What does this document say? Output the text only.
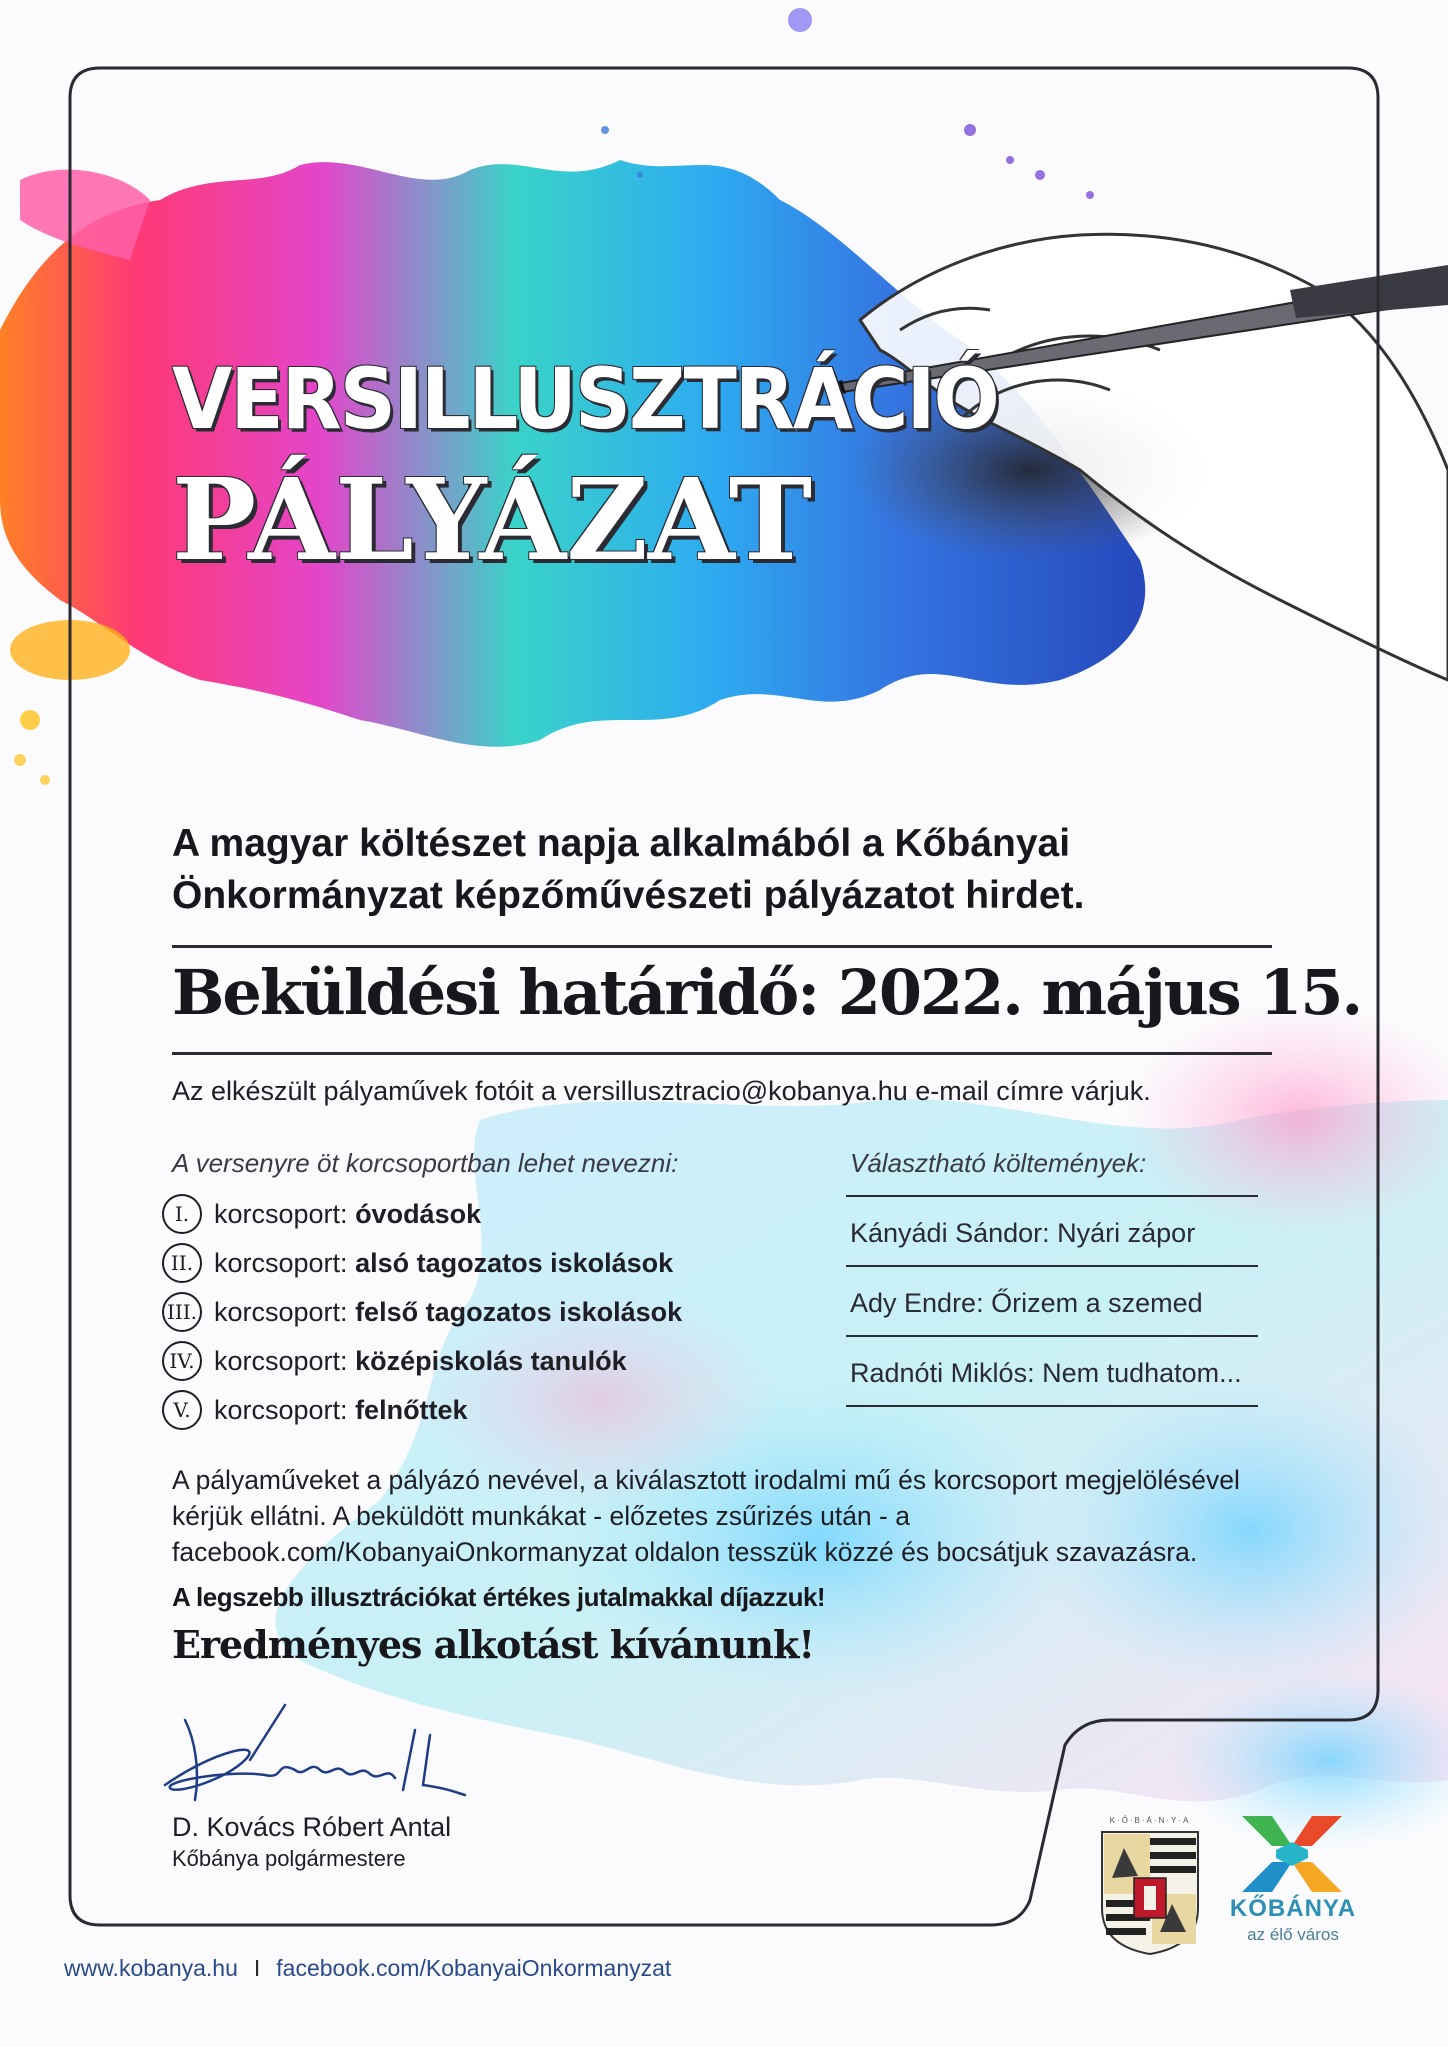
VERSILLUSZTRÁCIÓ
PÁLYÁZAT
A magyar költészet napja alkalmából a Kőbányai Önkormányzat képzőművészeti pályázatot hirdet.
Beküldési határidő: 2022. május 15.
Az elkészült pályaművek fotóit a versillusztracio@kobanya.hu e-mail címre várjuk.
A versenyre öt korcsoportban lehet nevezni:
I. korcsoport: óvodások
II. korcsoport: alsó tagozatos iskolások
III. korcsoport: felső tagozatos iskolások
IV. korcsoport: középiskolás tanulók
V. korcsoport: felnőttek
Választható költemények:
Kányádi Sándor: Nyári zápor
Ady Endre: Őrizem a szemed
Radnóti Miklós: Nem tudhatom...
A pályaműveket a pályázó nevével, a kiválasztott irodalmi mű és korcsoport megjelölésével kérjük ellátni. A beküldött munkákat - előzetes zsűrizés után - a facebook.com/KobanyaiOnkormanyzat oldalon tesszük közzé és bocsátjuk szavazásra.
A legszebb illusztrációkat értékes jutalmakkal díjazzuk!
Eredményes alkotást kívánunk!
D. Kovács Róbert Antal
Kőbánya polgármestere
K·Ő·B·Á·N·Y·A
KŐBÁNYA
az élő város
www.kobanya.hu I facebook.com/KobanyaiOnkormanyzat
